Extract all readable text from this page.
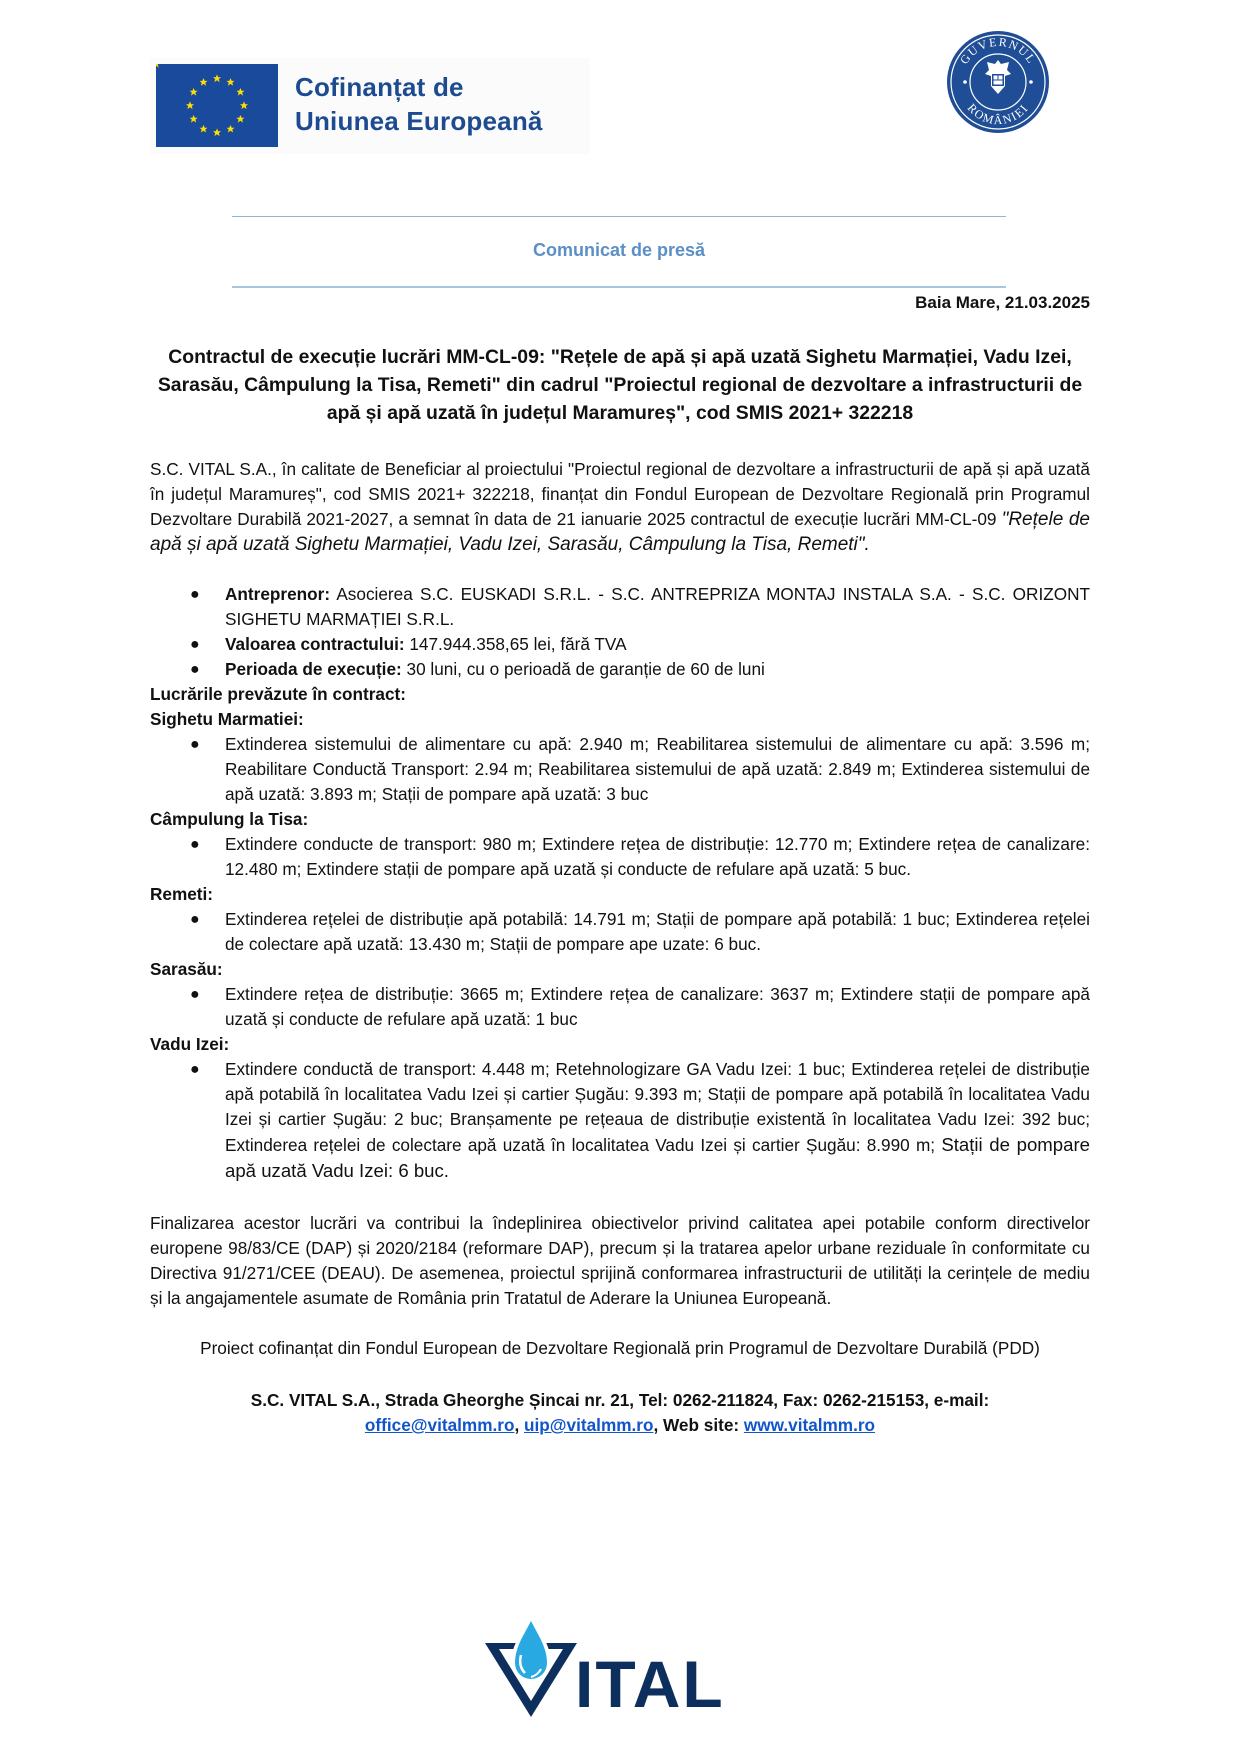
Cofinanțat de
Uniunea Europeană
GUVERNUL
ROMÂNIEI
Comunicat de presă
Baia Mare, 21.03.2025
Contractul de execuție lucrări MM-CL-09: "Rețele de apă și apă uzată Sighetu Marmației, Vadu Izei, Sarasău, Câmpulung la Tisa, Remeti" din cadrul "Proiectul regional de dezvoltare a infrastructurii de apă și apă uzată în județul Maramureș", cod SMIS 2021+ 322218

S.C. VITAL S.A., în calitate de Beneficiar al proiectului "Proiectul regional de dezvoltare a infrastructurii de apă și apă uzată în județul Maramureș", cod SMIS 2021+ 322218, finanțat din Fondul European de Dezvoltare Regională prin Programul Dezvoltare Durabilă 2021-2027, a semnat în data de 21 ianuarie 2025 contractul de execuție lucrări MM-CL-09 "Rețele de apă și apă uzată Sighetu Marmației, Vadu Izei, Sarasău, Câmpulung la Tisa, Remeti".

● Antreprenor: Asocierea S.C. EUSKADI S.R.L. - S.C. ANTREPRIZA MONTAJ INSTALA S.A. - S.C. ORIZONT SIGHETU MARMAȚIEI S.R.L.
● Valoarea contractului: 147.944.358,65 lei, fără TVA
● Perioada de execuție: 30 luni, cu o perioadă de garanție de 60 de luni

Lucrările prevăzute în contract:

Sighetu Marmatiei:

● Extinderea sistemului de alimentare cu apă: 2.940 m; Reabilitarea sistemului de alimentare cu apă: 3.596 m; Reabilitare Conductă Transport: 2.94 m; Reabilitarea sistemului de apă uzată: 2.849 m; Extinderea sistemului de apă uzată: 3.893 m; Stații de pompare apă uzată: 3 buc

Câmpulung la Tisa:

● Extindere conducte de transport: 980 m; Extindere rețea de distribuție: 12.770 m; Extindere rețea de canalizare: 12.480 m; Extindere stații de pompare apă uzată și conducte de refulare apă uzată: 5 buc.

Remeti:

● Extinderea rețelei de distribuție apă potabilă: 14.791 m; Stații de pompare apă potabilă: 1 buc; Extinderea rețelei de colectare apă uzată: 13.430 m; Stații de pompare ape uzate: 6 buc.

Sarasău:

● Extindere rețea de distribuție: 3665 m; Extindere rețea de canalizare: 3637 m; Extindere stații de pompare apă uzată și conducte de refulare apă uzată: 1 buc

Vadu Izei:

● Extindere conductă de transport: 4.448 m; Retehnologizare GA Vadu Izei: 1 buc; Extinderea rețelei de distribuție apă potabilă în localitatea Vadu Izei și cartier Șugău: 9.393 m; Stații de pompare apă potabilă în localitatea Vadu Izei și cartier Șugău: 2 buc; Branșamente pe rețeaua de distribuție existentă în localitatea Vadu Izei: 392 buc; Extinderea rețelei de colectare apă uzată în localitatea Vadu Izei și cartier Șugău: 8.990 m; Stații de pompare apă uzată Vadu Izei: 6 buc.

Finalizarea acestor lucrări va contribui la îndeplinirea obiectivelor privind calitatea apei potabile conform directivelor europene 98/83/CE (DAP) și 2020/2184 (reformare DAP), precum și la tratarea apelor urbane reziduale în conformitate cu Directiva 91/271/CEE (DEAU). De asemenea, proiectul sprijină conformarea infrastructurii de utilități la cerințele de mediu și la angajamentele asumate de România prin Tratatul de Aderare la Uniunea Europeană.

Proiect cofinanțat din Fondul European de Dezvoltare Regională prin Programul de Dezvoltare Durabilă (PDD)

S.C. VITAL S.A., Strada Gheorghe Șincai nr. 21, Tel: 0262-211824, Fax: 0262-215153, e-mail:
office@vitalmm.ro, uip@vitalmm.ro, Web site: www.vitalmm.ro
ITAL
